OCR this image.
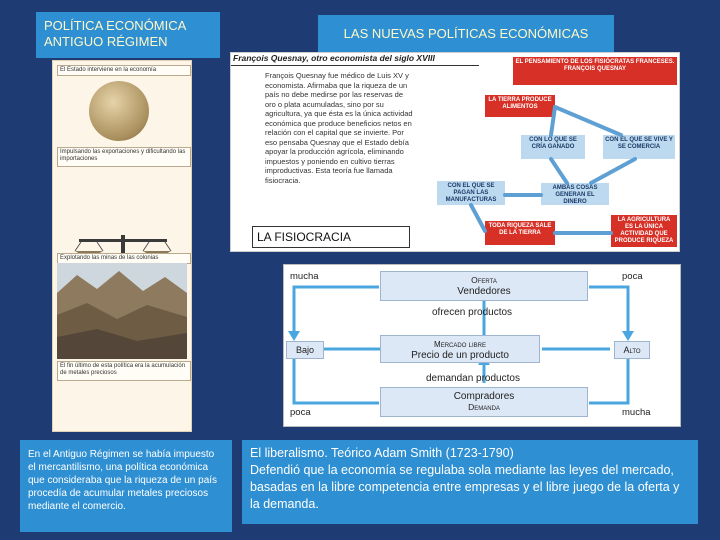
POLÍTICA ECONÓMICA ANTIGUO RÉGIMEN
LAS NUEVAS POLÍTICAS ECONÓMICAS
El Estado interviene en la economía
Impulsando las exportaciones y dificultando las importaciones
Explotando las minas de las colonias
El fin último de esta política era la acumulación de metales preciosos
En el Antiguo Régimen se había impuesto el mercantilismo, una política económica que consideraba que la riqueza de un país procedía de acumular metales preciosos mediante el comercio.
François Quesnay, otro economista del siglo XVIII
François Quesnay fue médico de Luis XV y economista. Afirmaba que la riqueza de un país no debe medirse por las reservas de oro o plata acumuladas, sino por su agricultura, ya que ésta es la única actividad económica que produce beneficios netos en relación con el capital que se invierte. Por eso pensaba Quesnay que el Estado debía apoyar la producción agrícola, eliminando impuestos y poniendo en cultivo tierras improductivas. Esta teoría fue llamada fisiocracia.
EL PENSAMIENTO DE LOS FISIÓCRATAS FRANCESES. FRANÇOIS QUESNAY
LA TIERRA PRODUCE ALIMENTOS
CON LO QUE SE CRÍA GANADO
CON EL QUE SE VIVE Y SE COMERCIA
CON EL QUE SE PAGAN LAS MANUFACTURAS
AMBAS COSAS GENERAN EL DINERO
TODA RIQUEZA SALE DE LA TIERRA
LA AGRICULTURA ES LA ÚNICA ACTIVIDAD QUE PRODUCE RIQUEZA
LA FISIOCRACIA
mucha	poca
Oferta
Vendedores
ofrecen productos
Bajo	Alto
Mercado libre
Precio de un producto
demandan productos
Compradores
Demanda
poca	mucha
El liberalismo. Teórico Adam Smith (1723-1790)
Defendió que la economía se regulaba sola mediante las leyes del mercado, basadas en la libre competencia entre empresas y el libre juego de la oferta y la demanda.
